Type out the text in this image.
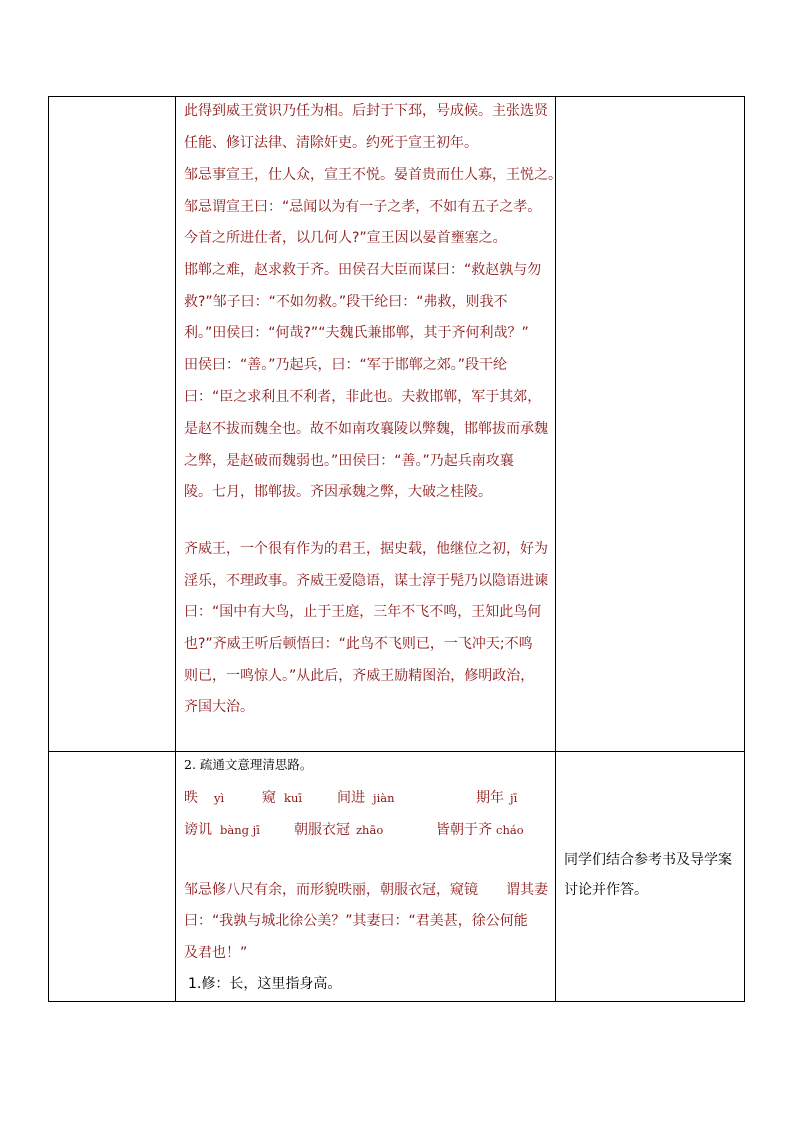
此得到威王赏识乃任为相。后封于下邳，号成候。主张选贤
任能、修订法律、清除奸吏。约死于宣王初年。
邹忌事宣王，仕人众，宣王不悦。晏首贵而仕人寡，王悦之。
邹忌谓宣王曰：“忌闻以为有一子之孝，不如有五子之孝。
今首之所进仕者，以几何人?”宣王因以晏首壅塞之。
邯郸之难，赵求救于齐。田侯召大臣而谋曰：“救赵孰与勿
救?”邹子曰：“不如勿救。”段干纶曰：“弗救，则我不
利。”田侯曰：“何哉?”“夫魏氏兼邯郸，其于齐何利哉？”
田侯曰：“善。”乃起兵，曰：“军于邯郸之郊。”段干纶
曰：“臣之求利且不利者，非此也。夫救邯郸，军于其郊，
是赵不拔而魏全也。故不如南攻襄陵以弊魏，邯郸拔而承魏
之弊，是赵破而魏弱也。”田侯曰：“善。”乃起兵南攻襄
陵。七月，邯郸拔。齐因承魏之弊，大破之桂陵。
齐威王，一个很有作为的君王，据史载，他继位之初，好为
淫乐，不理政事。齐威王爱隐语，谋士淳于髡乃以隐语进谏
曰：“国中有大鸟，止于王庭，三年不飞不鸣，王知此鸟何
也?”齐威王听后顿悟曰：“此鸟不飞则已，一飞冲天;不鸣
则已，一鸣惊人。”从此后，齐威王励精图治，修明政治，
齐国大治。
2. 疏通文意理清思路。
昳 yì	窥 kuī 间进 jiàn	期年 jī
谤讥 bàng jī 朝服衣冠 zhāo	皆朝于齐 cháo
邹忌修八尺有余，而形貌昳丽，朝服衣冠，窥镜　　谓其妻
曰：“我孰与城北徐公美？”其妻曰：“君美甚，徐公何能
及君也！”
1.修：长，这里指身高。
同学们结合参考书及导学案
讨论并作答。
